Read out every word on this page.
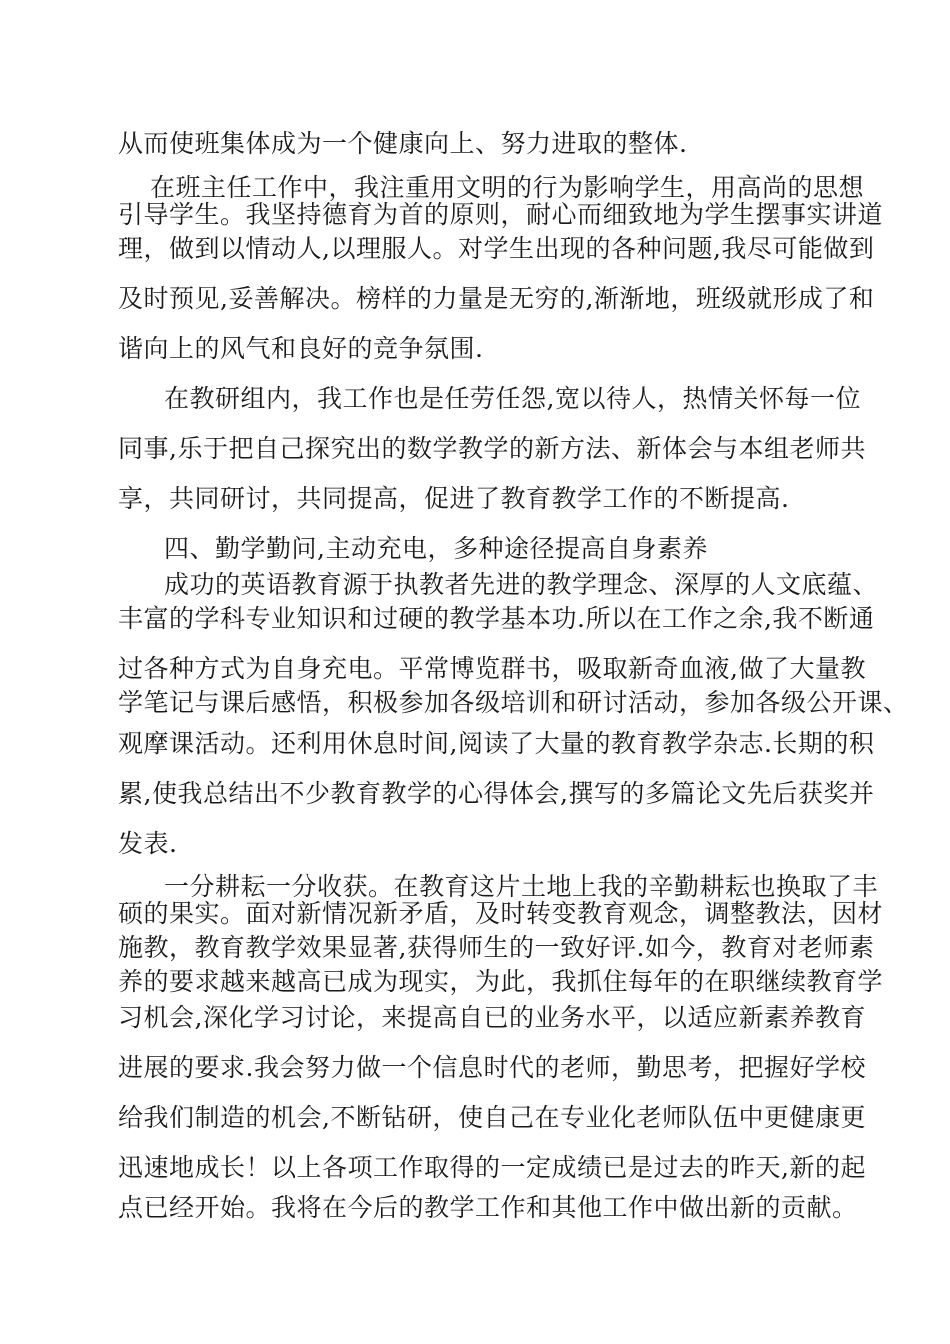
从而使班集体成为一个健康向上、努力进取的整体.
在班主任工作中，我注重用文明的行为影响学生，用高尚的思想
引导学生。我坚持德育为首的原则，耐心而细致地为学生摆事实讲道
理，做到以情动人,以理服人。对学生出现的各种问题,我尽可能做到
及时预见,妥善解决。榜样的力量是无穷的,渐渐地，班级就形成了和
谐向上的风气和良好的竞争氛围.
在教研组内，我工作也是任劳任怨,宽以待人，热情关怀每一位
同事,乐于把自己探究出的数学教学的新方法、新体会与本组老师共
享，共同研讨，共同提高，促进了教育教学工作的不断提高.
四、勤学勤问,主动充电，多种途径提高自身素养
成功的英语教育源于执教者先进的教学理念、深厚的人文底蕴、
丰富的学科专业知识和过硬的教学基本功.所以在工作之余,我不断通
过各种方式为自身充电。平常博览群书，吸取新奇血液,做了大量教
学笔记与课后感悟，积极参加各级培训和研讨活动，参加各级公开课、
观摩课活动。还利用休息时间,阅读了大量的教育教学杂志.长期的积
累,使我总结出不少教育教学的心得体会,撰写的多篇论文先后获奖并
发表.
一分耕耘一分收获。在教育这片土地上我的辛勤耕耘也换取了丰
硕的果实。面对新情况新矛盾，及时转变教育观念，调整教法，因材
施教，教育教学效果显著,获得师生的一致好评.如今，教育对老师素
养的要求越来越高已成为现实，为此，我抓住每年的在职继续教育学
习机会,深化学习讨论，来提高自已的业务水平，以适应新素养教育
进展的要求.我会努力做一个信息时代的老师，勤思考，把握好学校
给我们制造的机会,不断钻研，使自己在专业化老师队伍中更健康更
迅速地成长！以上各项工作取得的一定成绩已是过去的昨天,新的起
点已经开始。我将在今后的教学工作和其他工作中做出新的贡献。
